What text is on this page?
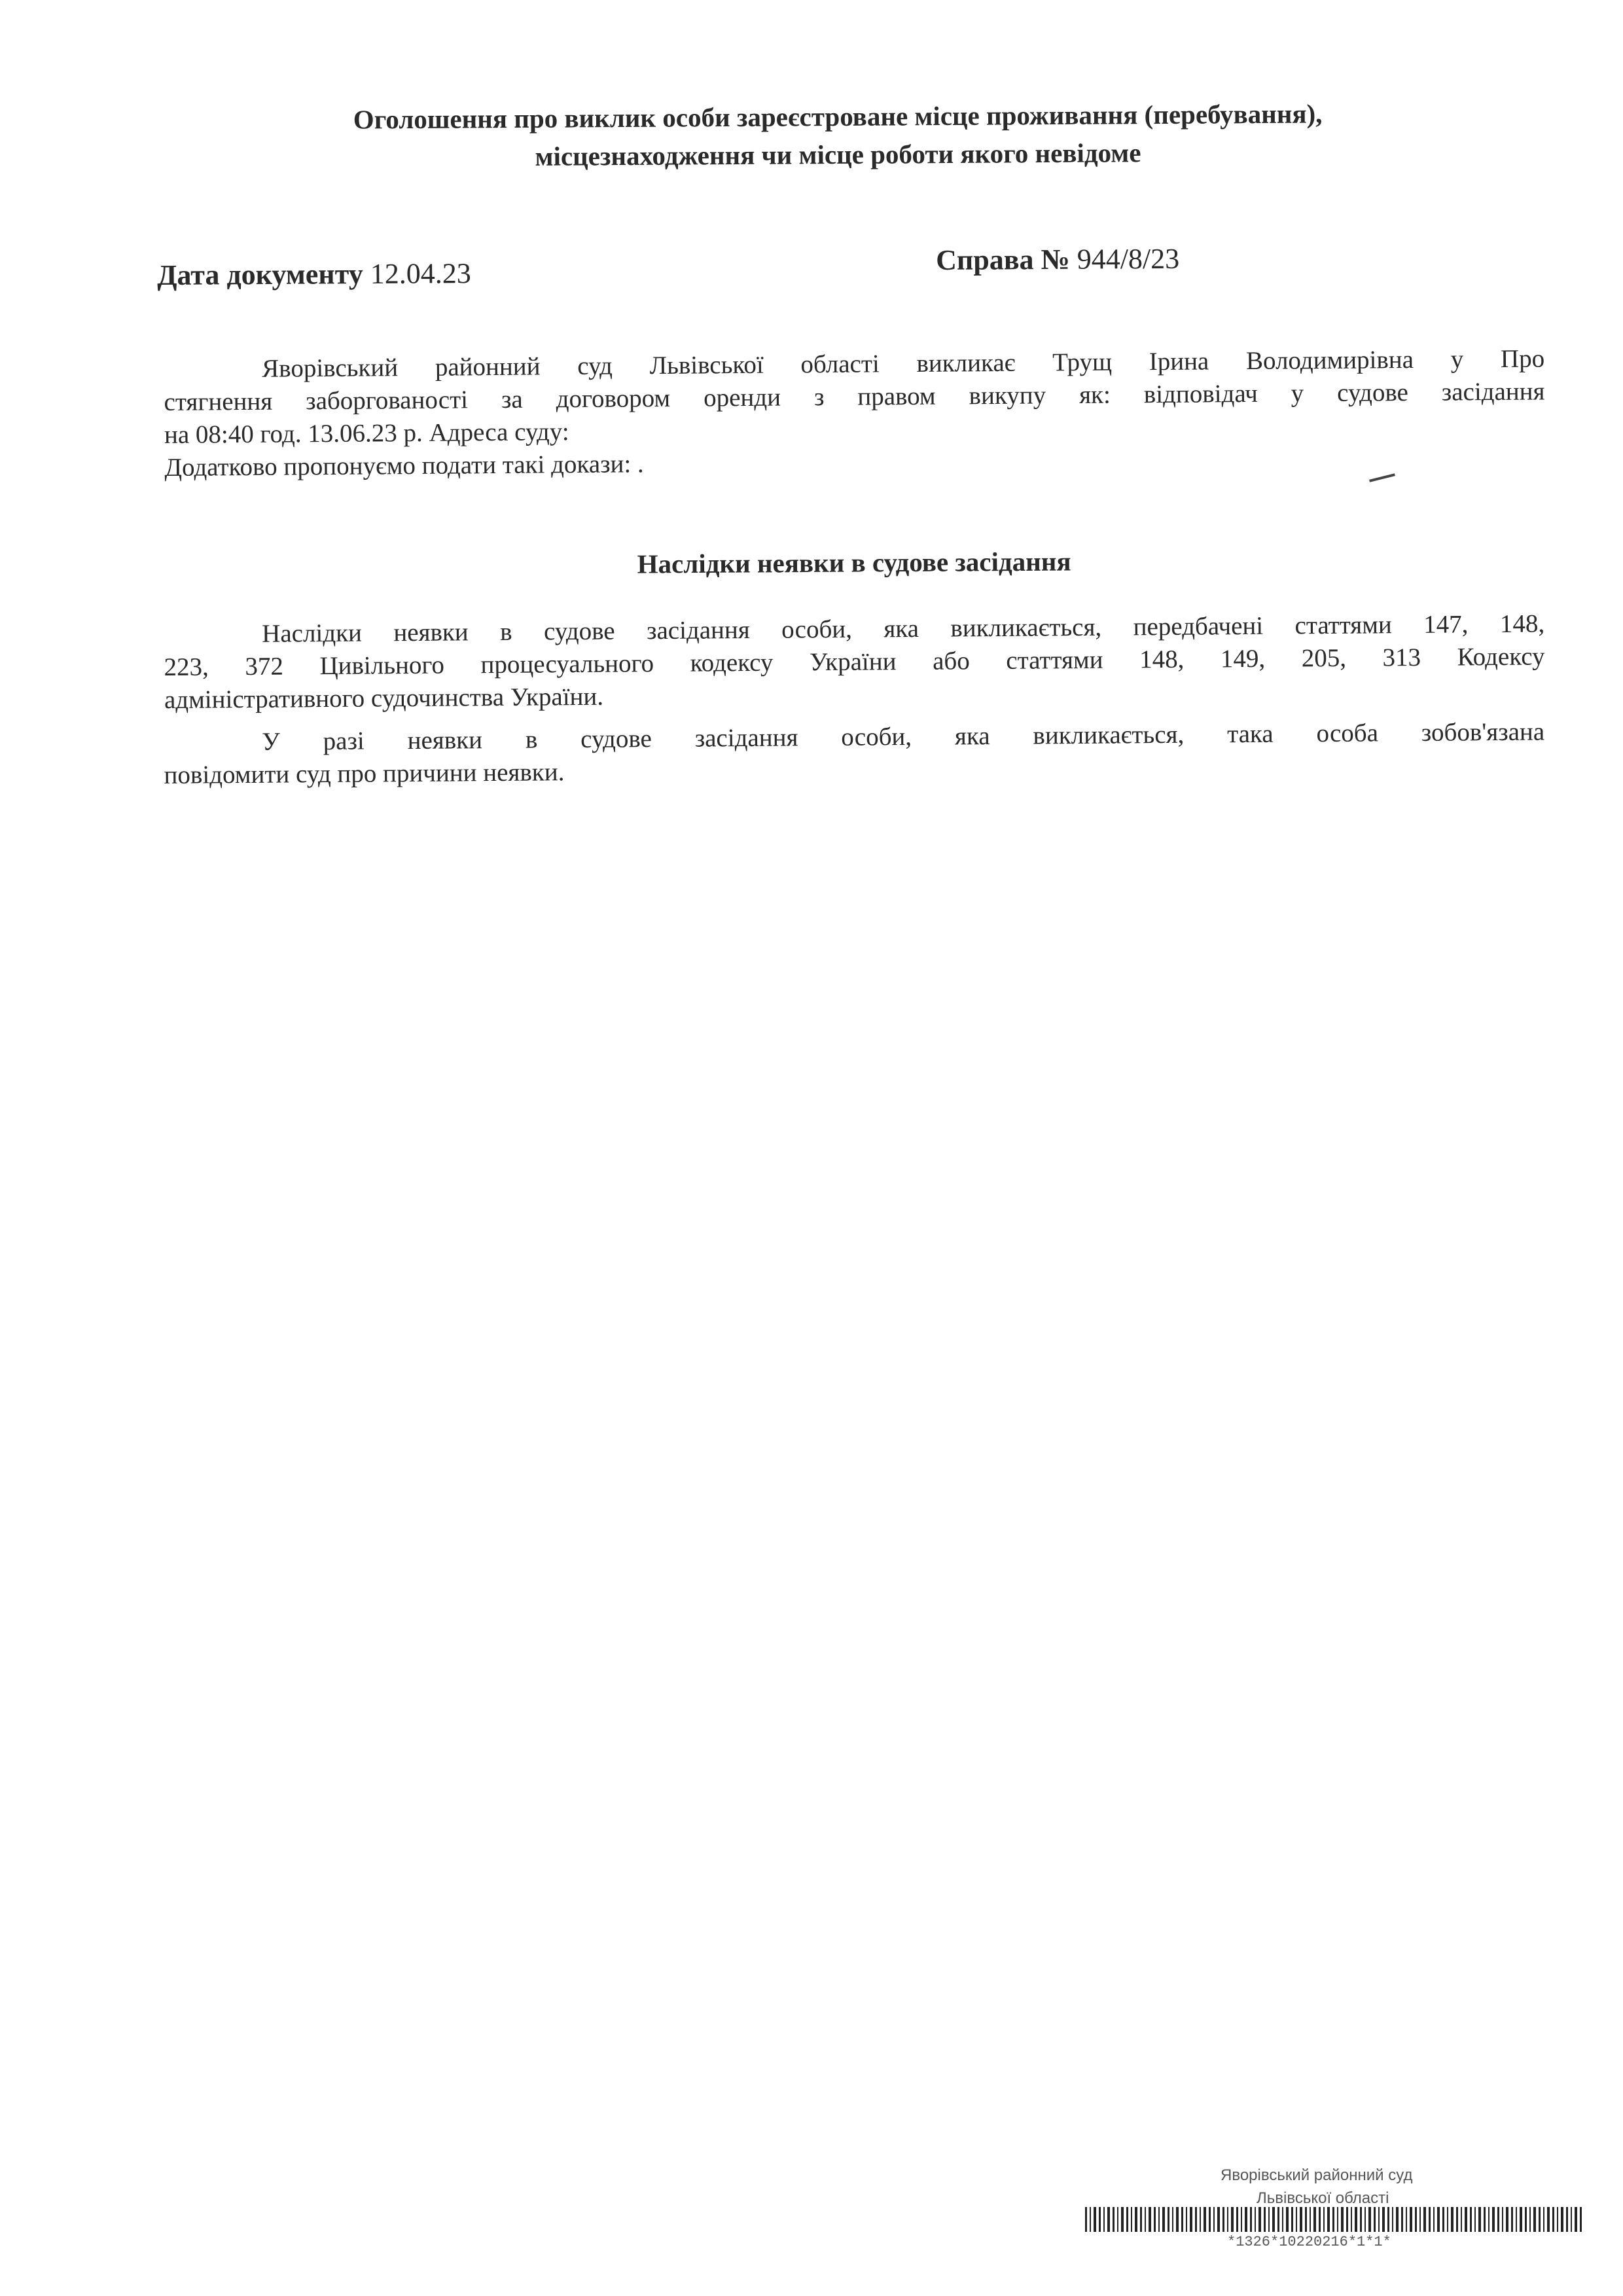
Оголошення про виклик особи зареєстроване місце проживання (перебування),
місцезнаходження чи місце роботи якого невідоме
Дата документу 12.04.23	Справа № 944/8/23
Яворівський районний суд Львівської області викликає Трущ Ірина Володимирівна у Про
стягнення заборгованості за договором оренди з правом викупу як: відповідач у судове засідання
на 08:40 год. 13.06.23 р. Адреса суду:
Додатково пропонуємо подати такі докази: .
Наслідки неявки в судове засідання
Наслідки неявки в судове засідання особи, яка викликається, передбачені статтями 147, 148,
223, 372 Цивільного процесуального кодексу України або статтями 148, 149, 205, 313 Кодексу
адміністративного судочинства України.
У разі неявки в судове засідання особи, яка викликається, така особа зобов'язана
повідомити суд про причини неявки.
Яворівський районний суд
Львівської області
*1326*10220216*1*1*
